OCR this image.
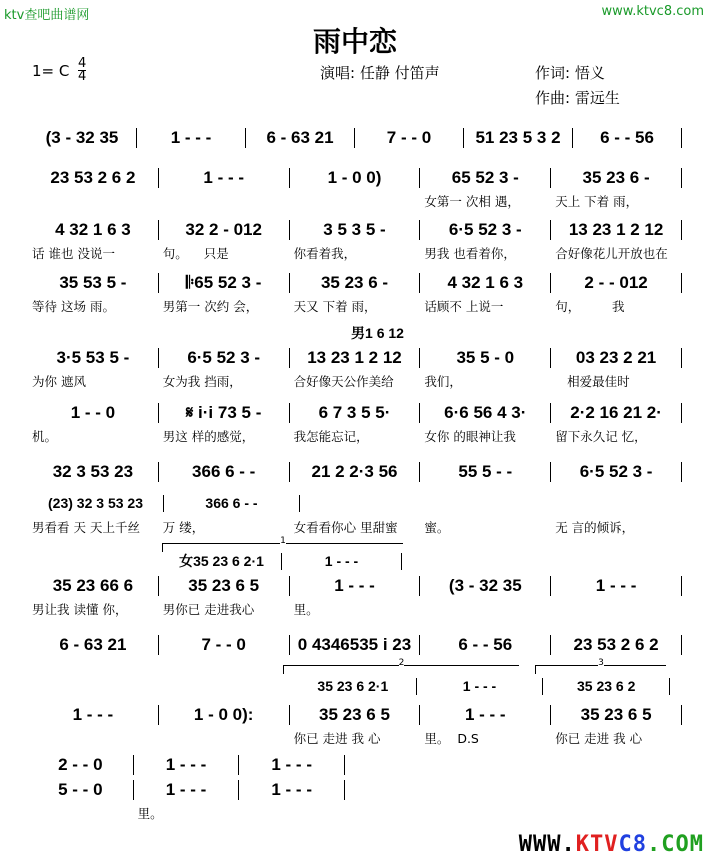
ktv查吧曲谱网	www.ktvc8.com
雨中恋
1= C 4
4	演唱: 任静 付笛声	作词: 悟义
作曲: 雷远生
1
2	3
WWW.KTVC8.COM
(3 - 32 35	1 - - -	6 - 63 21	7 - - 0	51 23 5 3 2	6 - - 56
23 53 2 6 2	1 - - -	1 - 0 0)	65 52 3 -	35 23 6 -
女第一 次相 遇，	天上 下着 雨，
4 32 1 6 3	32 2 - 012	3 5 3 5 -	6·5 52 3 -	13 23 1 2 12
话 谁也 没说一	句。    只是	你看着我，	男我 也看着你，	合好像花儿开放也在
35 53 5 -	𝄆65 52 3 -	35 23 6 -	4 32 1 6 3	2 - - 012
等待 这场 雨。	男第一 次约 会，	天又 下着 雨，	话顾不 上说一	句，        我
男1 6 12
3·5 53 5 -	6·5 52 3 -	13 23 1 2 12	35 5 - 0	03 23 2 21
为你 遮风	女为我 挡雨，	合好像天公作美给	我们，	相爱最佳时
1 - - 0	𝄋 i·i 73 5 -	6 7 3 5 5·	6·6 56 4 3·	2·2 16 21 2·
机。	男这 样的感觉，	我怎能忘记，	女你 的眼神让我	留下永久记 忆，
32 3 53 23	366 6 - -	21 2 2·3 56	55 5 - -	6·5 52 3 -
(23) 32 3 53 23	366 6 - -
男看看 天 天上千丝	万 缕，	女看看你心 里甜蜜	蜜。	无 言的倾诉，
女35 23 6 2·1	1 - - -
35 23 66 6	35 23 6 5	1 - - -	(3 - 32 35	1 - - -
男让我 读懂 你，	男你已 走进我心	里。
6 - 63 21	7 - - 0	0 4346535 i 23	6 - - 56	23 53 2 6 2
35 23 6 2·1	1 - - -	35 23 6 2
1 - - -	1 - 0 0):	35 23 6 5	1 - - -	35 23 6 5
你已 走进 我 心	里。  D.S	你已 走进 我 心
2 - - 0	1 - - -	1 - - -
5 - - 0	1 - - -	1 - - -
里。
